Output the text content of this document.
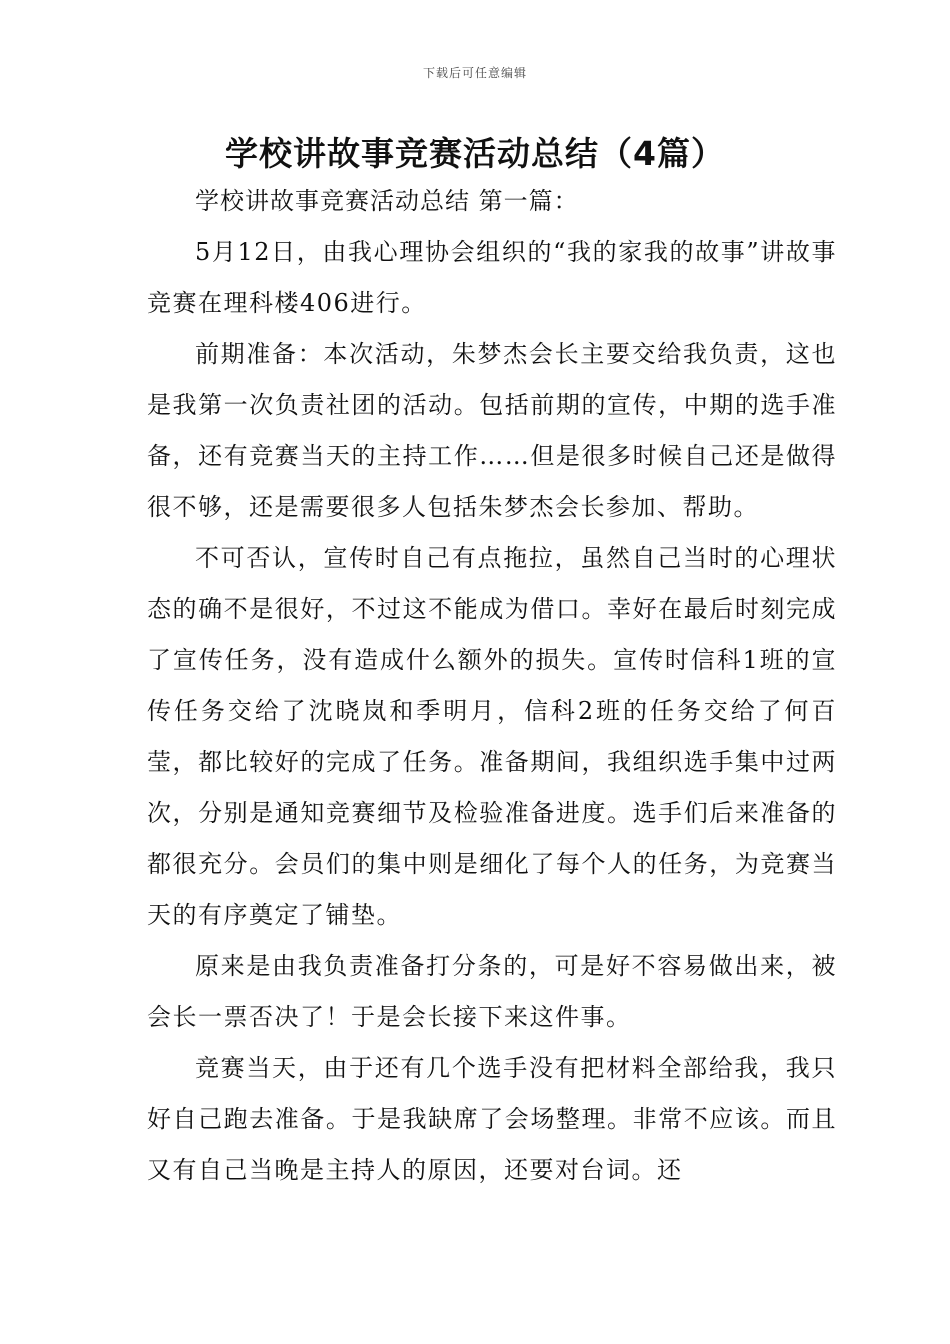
下载后可任意编辑
学校讲故事竞赛活动总结（4篇）

学校讲故事竞赛活动总结 第一篇：

5月12日，由我心理协会组织的“我的家我的故事”讲故事竞赛在理科楼406进行。

前期准备：本次活动，朱梦杰会长主要交给我负责，这也是我第一次负责社团的活动。包括前期的宣传，中期的选手准备，还有竞赛当天的主持工作……但是很多时候自己还是做得很不够，还是需要很多人包括朱梦杰会长参加、帮助。

不可否认，宣传时自己有点拖拉，虽然自己当时的心理状态的确不是很好，不过这不能成为借口。幸好在最后时刻完成了宣传任务，没有造成什么额外的损失。宣传时信科1班的宣传任务交给了沈晓岚和季明月，信科2班的任务交给了何百莹，都比较好的完成了任务。准备期间，我组织选手集中过两次，分别是通知竞赛细节及检验准备进度。选手们后来准备的都很充分。会员们的集中则是细化了每个人的任务，为竞赛当天的有序奠定了铺垫。

原来是由我负责准备打分条的，可是好不容易做出来，被会长一票否决了！于是会长接下来这件事。

竞赛当天，由于还有几个选手没有把材料全部给我，我只好自己跑去准备。于是我缺席了会场整理。非常不应该。而且又有自己当晚是主持人的原因，还要对台词。还
